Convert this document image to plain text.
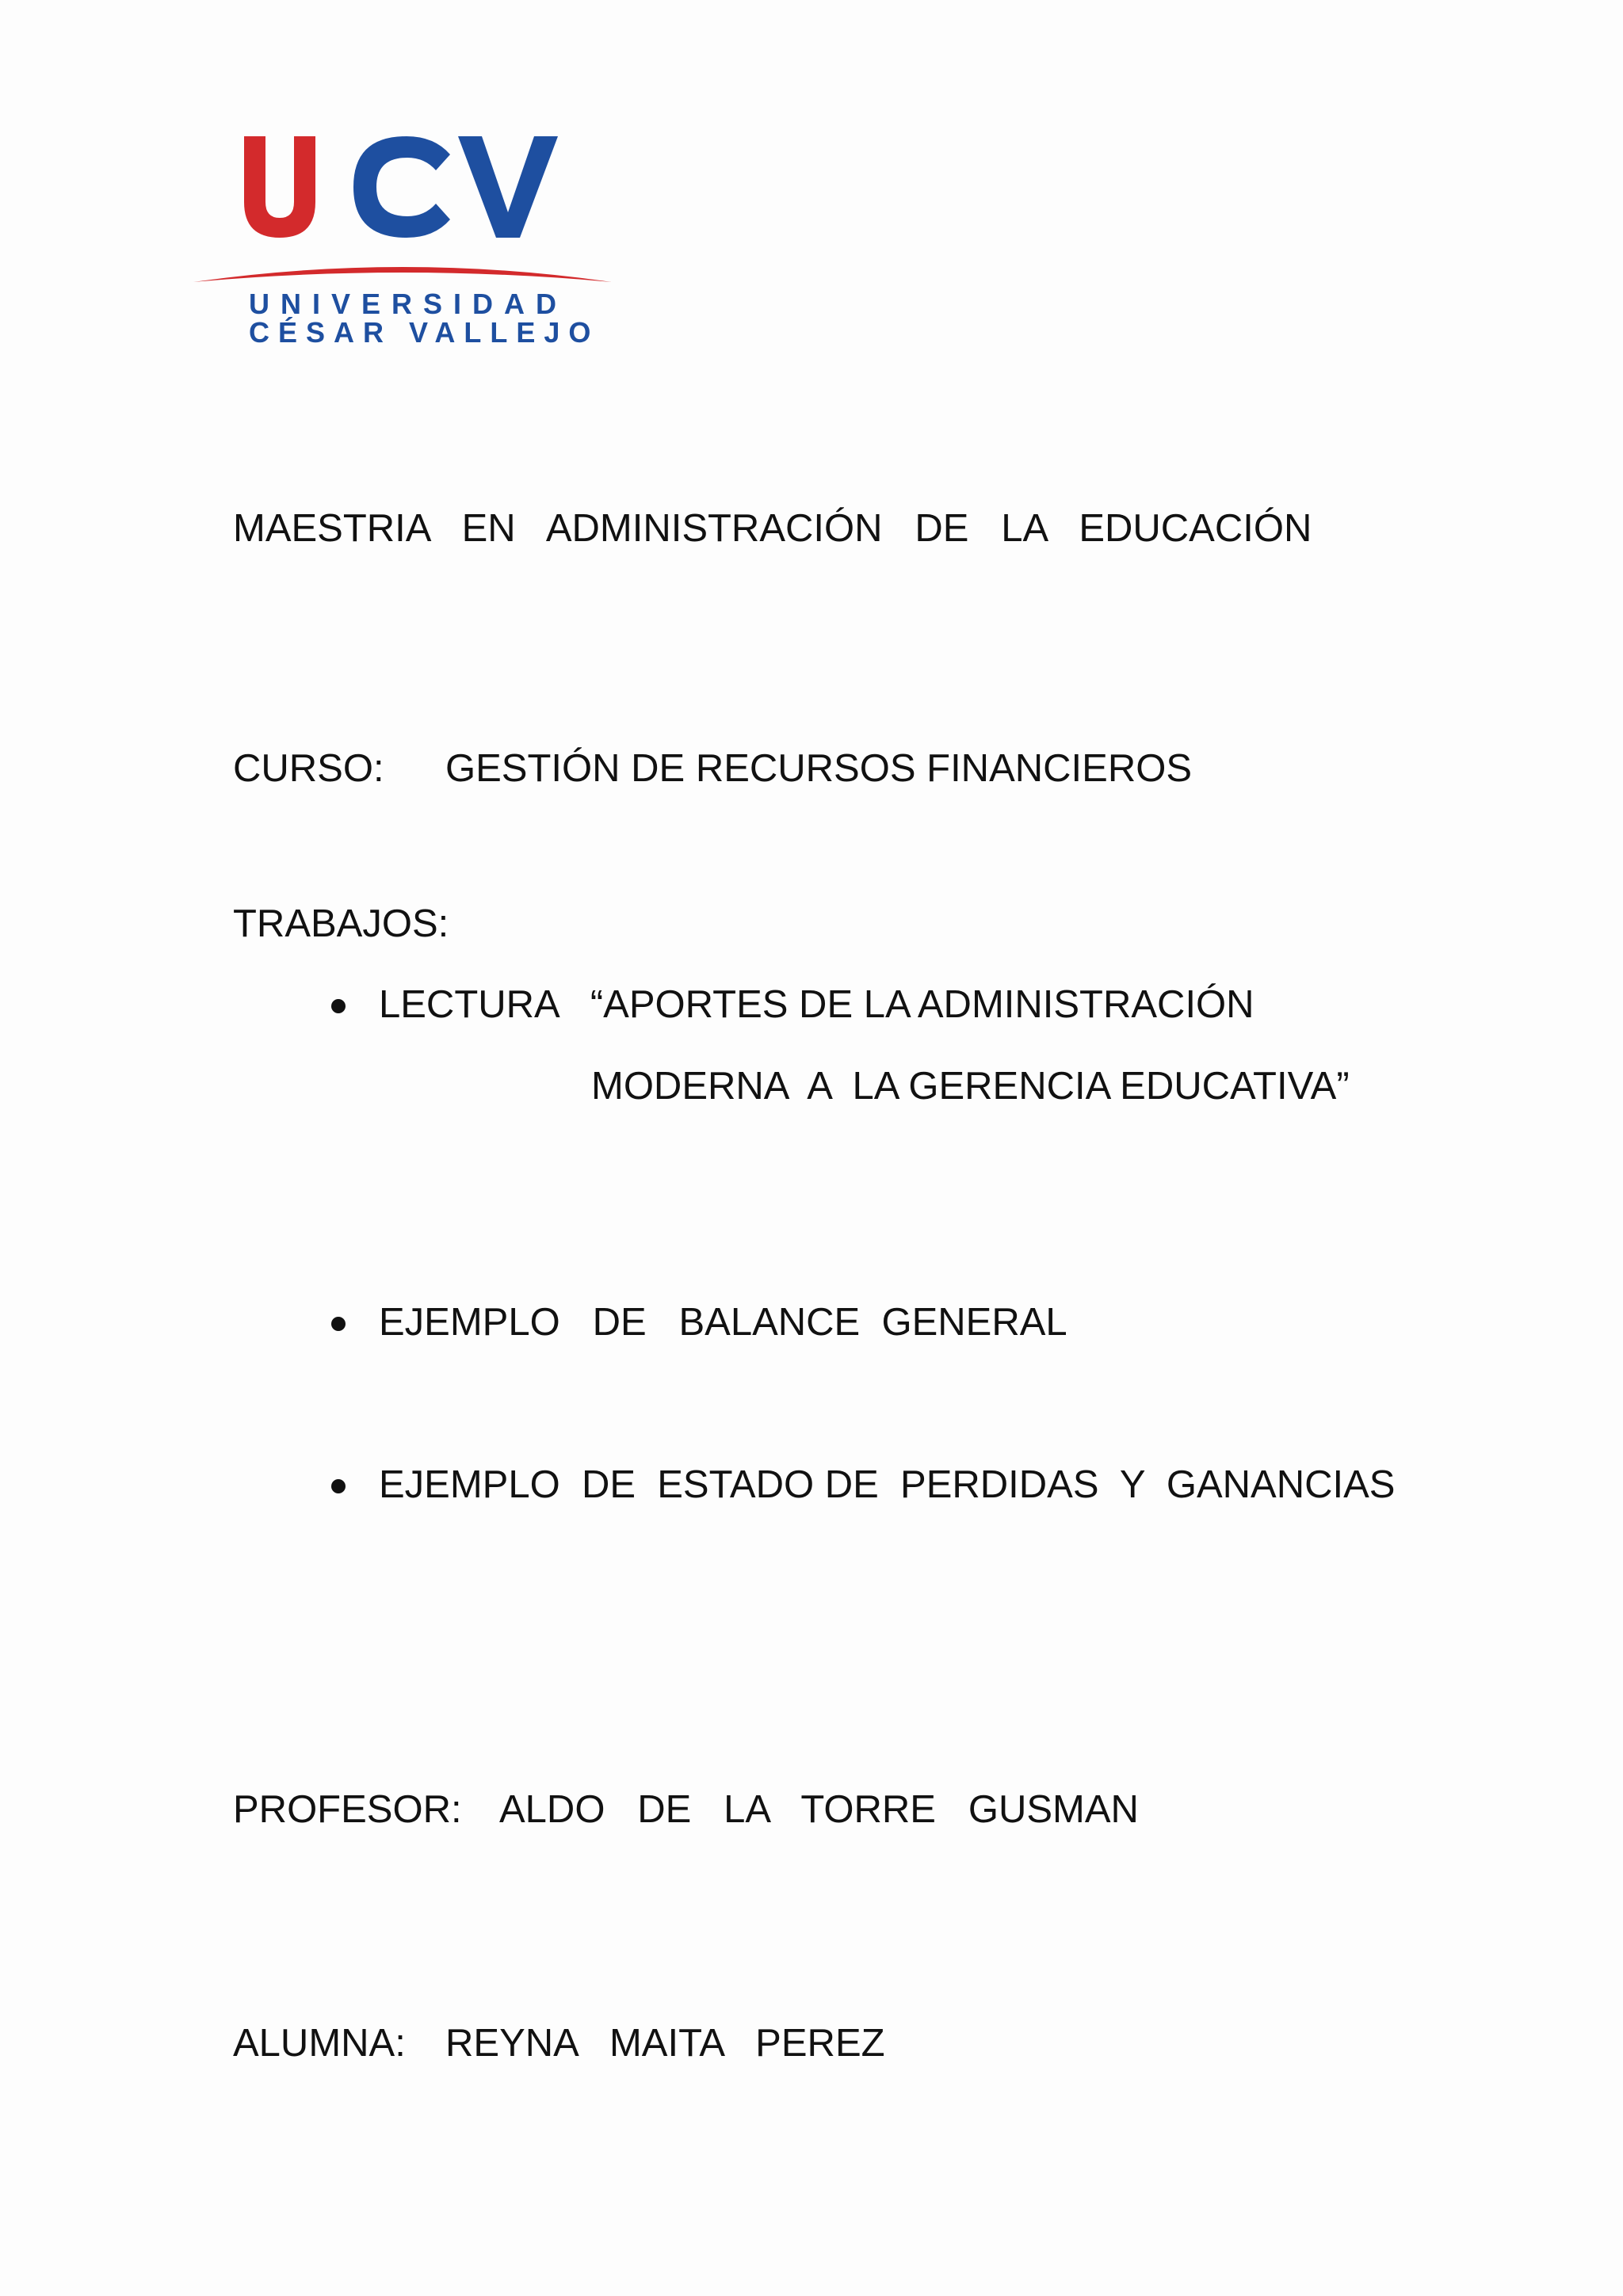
UNIVERSIDAD
CÉSAR VALLEJO
MAESTRIA   EN   ADMINISTRACIÓN   DE   LA   EDUCACIÓN
CURSO: GESTIÓN DE RECURSOS FINANCIEROS
TRABAJOS:
LECTURA   “APORTES DE LA ADMINISTRACIÓN
MODERNA  A  LA GERENCIA EDUCATIVA”
EJEMPLO   DE   BALANCE  GENERAL
EJEMPLO  DE  ESTADO DE  PERDIDAS  Y  GANANCIAS
PROFESOR: ALDO   DE   LA   TORRE   GUSMAN
ALUMNA: REYNA   MAITA   PEREZ
